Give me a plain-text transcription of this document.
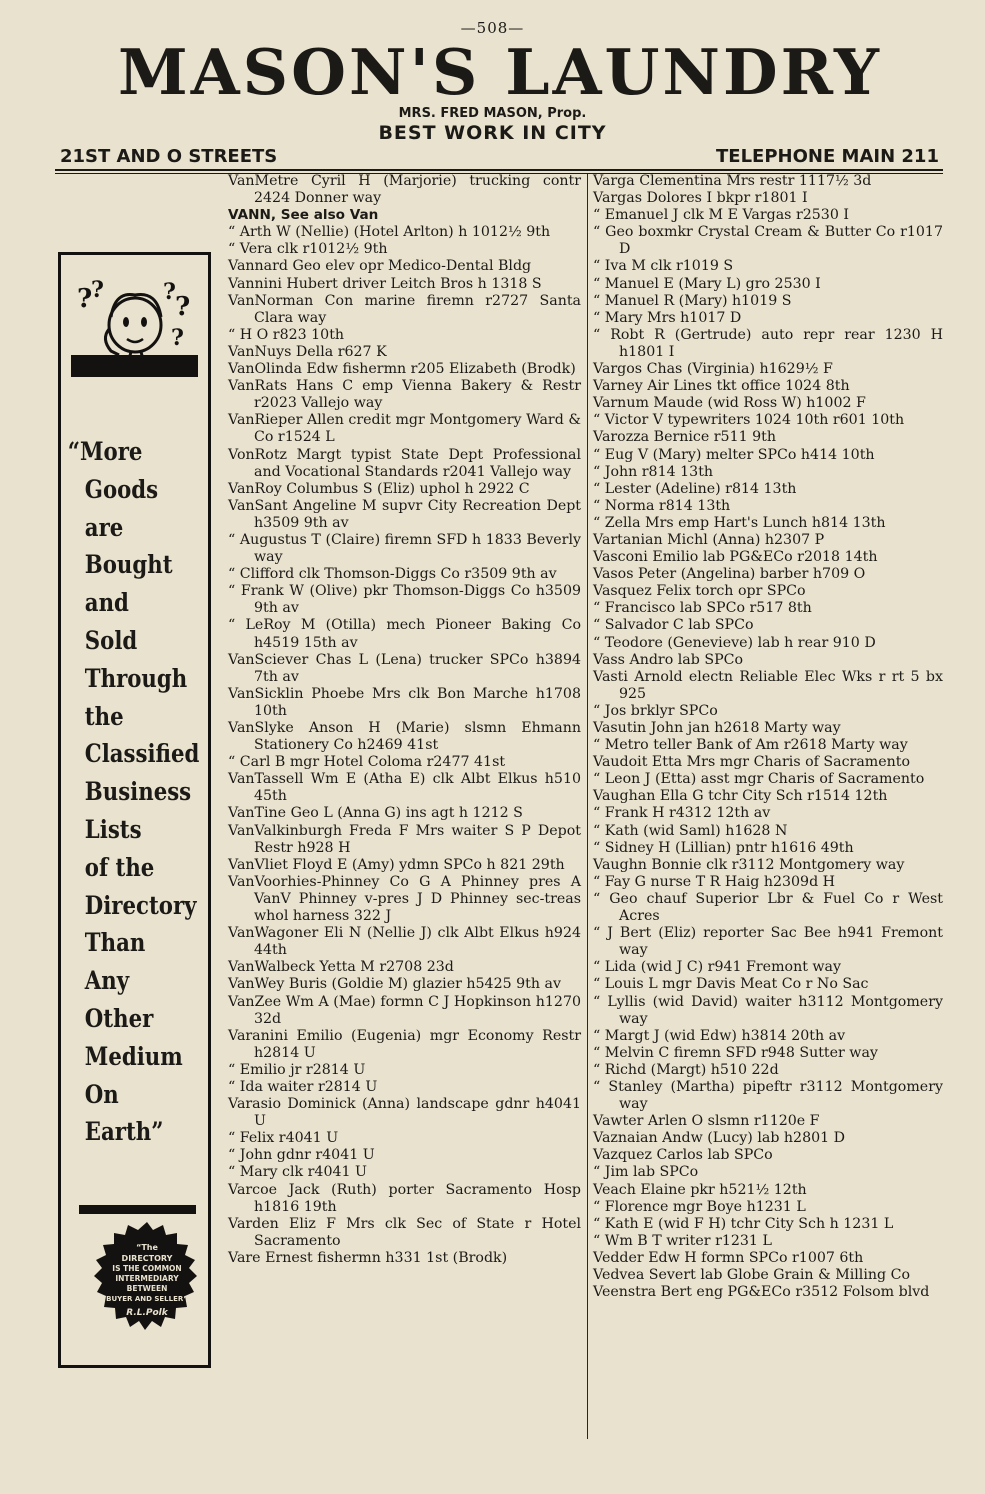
—508—
MASON'S LAUNDRY
MRS. FRED MASON, Prop.
BEST WORK IN CITY
21ST AND O STREETS	TELEPHONE MAIN 211
?
?	? ?
?
“More
Goods
are
Bought
and
Sold
Through
the
Classified
Business
Lists
of the
Directory
Than
Any
Other
Medium
On
Earth”
“The
DIRECTORY
IS THE COMMON
INTERMEDIARY
BETWEEN
BUYER AND SELLER”
R.L.Polk
VanMetre Cyril H (Marjorie) trucking contr 2424 Donner way
VANN, See also Van
“ Arth W (Nellie) (Hotel Arlton) h 1012½ 9th
“ Vera clk r1012½ 9th
Vannard Geo elev opr Medico-Dental Bldg
Vannini Hubert driver Leitch Bros h 1318 S
VanNorman Con marine firemn r2727 Santa Clara way
“ H O r823 10th
VanNuys Della r627 K
VanOlinda Edw fishermn r205 Elizabeth (Brodk)
VanRats Hans C emp Vienna Bakery & Restr r2023 Vallejo way
VanRieper Allen credit mgr Montgomery Ward & Co r1524 L
VonRotz Margt typist State Dept Professional and Vocational Standards r2041 Vallejo way
VanRoy Columbus S (Eliz) uphol h 2922 C
VanSant Angeline M supvr City Recreation Dept h3509 9th av
“ Augustus T (Claire) firemn SFD h 1833 Beverly way
“ Clifford clk Thomson-Diggs Co r3509 9th av
“ Frank W (Olive) pkr Thomson-Diggs Co h3509 9th av
“ LeRoy M (Otilla) mech Pioneer Baking Co h4519 15th av
VanSciever Chas L (Lena) trucker SPCo h3894 7th av
VanSicklin Phoebe Mrs clk Bon Marche h1708 10th
VanSlyke Anson H (Marie) slsmn Ehmann Stationery Co h2469 41st
“ Carl B mgr Hotel Coloma r2477 41st
VanTassell Wm E (Atha E) clk Albt Elkus h510 45th
VanTine Geo L (Anna G) ins agt h 1212 S
VanValkinburgh Freda F Mrs waiter S P Depot Restr h928 H
VanVliet Floyd E (Amy) ydmn SPCo h 821 29th
VanVoorhies-Phinney Co G A Phinney pres A VanV Phinney v-pres J D Phinney sec-treas whol harness 322 J
VanWagoner Eli N (Nellie J) clk Albt Elkus h924 44th
VanWalbeck Yetta M r2708 23d
VanWey Buris (Goldie M) glazier h5425 9th av
VanZee Wm A (Mae) formn C J Hopkinson h1270 32d
Varanini Emilio (Eugenia) mgr Economy Restr h2814 U
“ Emilio jr r2814 U
“ Ida waiter r2814 U
Varasio Dominick (Anna) landscape gdnr h4041 U
“ Felix r4041 U
“ John gdnr r4041 U
“ Mary clk r4041 U
Varcoe Jack (Ruth) porter Sacramento Hosp h1816 19th
Varden Eliz F Mrs clk Sec of State r Hotel Sacramento
Vare Ernest fishermn h331 1st (Brodk)
Varga Clementina Mrs restr 1117½ 3d
Vargas Dolores I bkpr r1801 I
“ Emanuel J clk M E Vargas r2530 I
“ Geo boxmkr Crystal Cream & Butter Co r1017 D
“ Iva M clk r1019 S
“ Manuel E (Mary L) gro 2530 I
“ Manuel R (Mary) h1019 S
“ Mary Mrs h1017 D
“ Robt R (Gertrude) auto repr rear 1230 H h1801 I
Vargos Chas (Virginia) h1629½ F
Varney Air Lines tkt office 1024 8th
Varnum Maude (wid Ross W) h1002 F
“ Victor V typewriters 1024 10th r601 10th
Varozza Bernice r511 9th
“ Eug V (Mary) melter SPCo h414 10th
“ John r814 13th
“ Lester (Adeline) r814 13th
“ Norma r814 13th
“ Zella Mrs emp Hart's Lunch h814 13th
Vartanian Michl (Anna) h2307 P
Vasconi Emilio lab PG&ECo r2018 14th
Vasos Peter (Angelina) barber h709 O
Vasquez Felix torch opr SPCo
“ Francisco lab SPCo r517 8th
“ Salvador C lab SPCo
“ Teodore (Genevieve) lab h rear 910 D
Vass Andro lab SPCo
Vasti Arnold electn Reliable Elec Wks r rt 5 bx 925
“ Jos brklyr SPCo
Vasutin John jan h2618 Marty way
“ Metro teller Bank of Am r2618 Marty way
Vaudoit Etta Mrs mgr Charis of Sacramento
“ Leon J (Etta) asst mgr Charis of Sacramento
Vaughan Ella G tchr City Sch r1514 12th
“ Frank H r4312 12th av
“ Kath (wid Saml) h1628 N
“ Sidney H (Lillian) pntr h1616 49th
Vaughn Bonnie clk r3112 Montgomery way
“ Fay G nurse T R Haig h2309d H
“ Geo chauf Superior Lbr & Fuel Co r West Acres
“ J Bert (Eliz) reporter Sac Bee h941 Fremont way
“ Lida (wid J C) r941 Fremont way
“ Louis L mgr Davis Meat Co r No Sac
“ Lyllis (wid David) waiter h3112 Montgomery way
“ Margt J (wid Edw) h3814 20th av
“ Melvin C firemn SFD r948 Sutter way
“ Richd (Margt) h510 22d
“ Stanley (Martha) pipeftr r3112 Montgomery way
Vawter Arlen O slsmn r1120e F
Vaznaian Andw (Lucy) lab h2801 D
Vazquez Carlos lab SPCo
“ Jim lab SPCo
Veach Elaine pkr h521½ 12th
“ Florence mgr Boye h1231 L
“ Kath E (wid F H) tchr City Sch h 1231 L
“ Wm B T writer r1231 L
Vedder Edw H formn SPCo r1007 6th
Vedvea Severt lab Globe Grain & Milling Co
Veenstra Bert eng PG&ECo r3512 Folsom blvd
